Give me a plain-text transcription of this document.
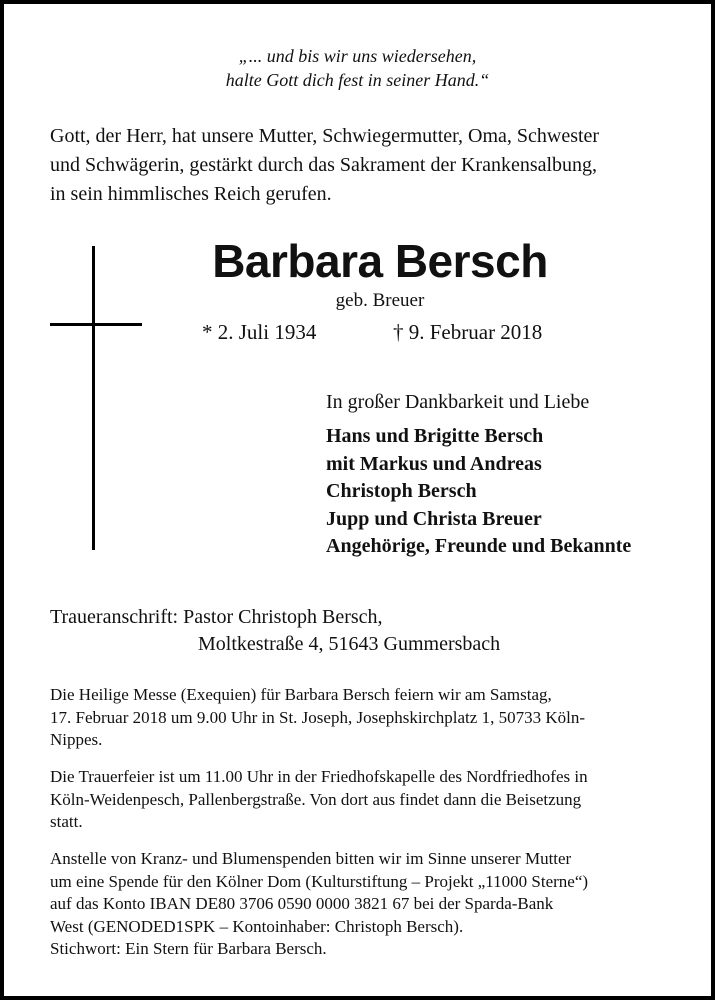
„... und bis wir uns wiedersehen,
halte Gott dich fest in seiner Hand.“
Gott, der Herr, hat unsere Mutter, Schwiegermutter, Oma, Schwester
und Schwägerin, gestärkt durch das Sakrament der Krankensalbung,
in sein himmlisches Reich gerufen.
Barbara Bersch
geb. Breuer
* 2. Juli 1934	† 9. Februar 2018
In großer Dankbarkeit und Liebe
Hans und Brigitte Bersch
mit Markus und Andreas
Christoph Bersch
Jupp und Christa Breuer
Angehörige, Freunde und Bekannte
Traueranschrift: Pastor Christoph Bersch,
Moltkestraße 4, 51643 Gummersbach
Die Heilige Messe (Exequien) für Barbara Bersch feiern wir am Samstag,
17. Februar 2018 um 9.00 Uhr in St. Joseph, Josephskirchplatz 1, 50733 Köln-
Nippes.
Die Trauerfeier ist um 11.00 Uhr in der Friedhofskapelle des Nordfriedhofes in
Köln-Weidenpesch, Pallenbergstraße. Von dort aus findet dann die Beisetzung
statt.
Anstelle von Kranz- und Blumenspenden bitten wir im Sinne unserer Mutter
um eine Spende für den Kölner Dom (Kulturstiftung – Projekt „11000 Sterne“)
auf das Konto IBAN DE80 3706 0590 0000 3821 67 bei der Sparda-Bank
West (GENODED1SPK – Kontoinhaber: Christoph Bersch).
Stichwort: Ein Stern für Barbara Bersch.
